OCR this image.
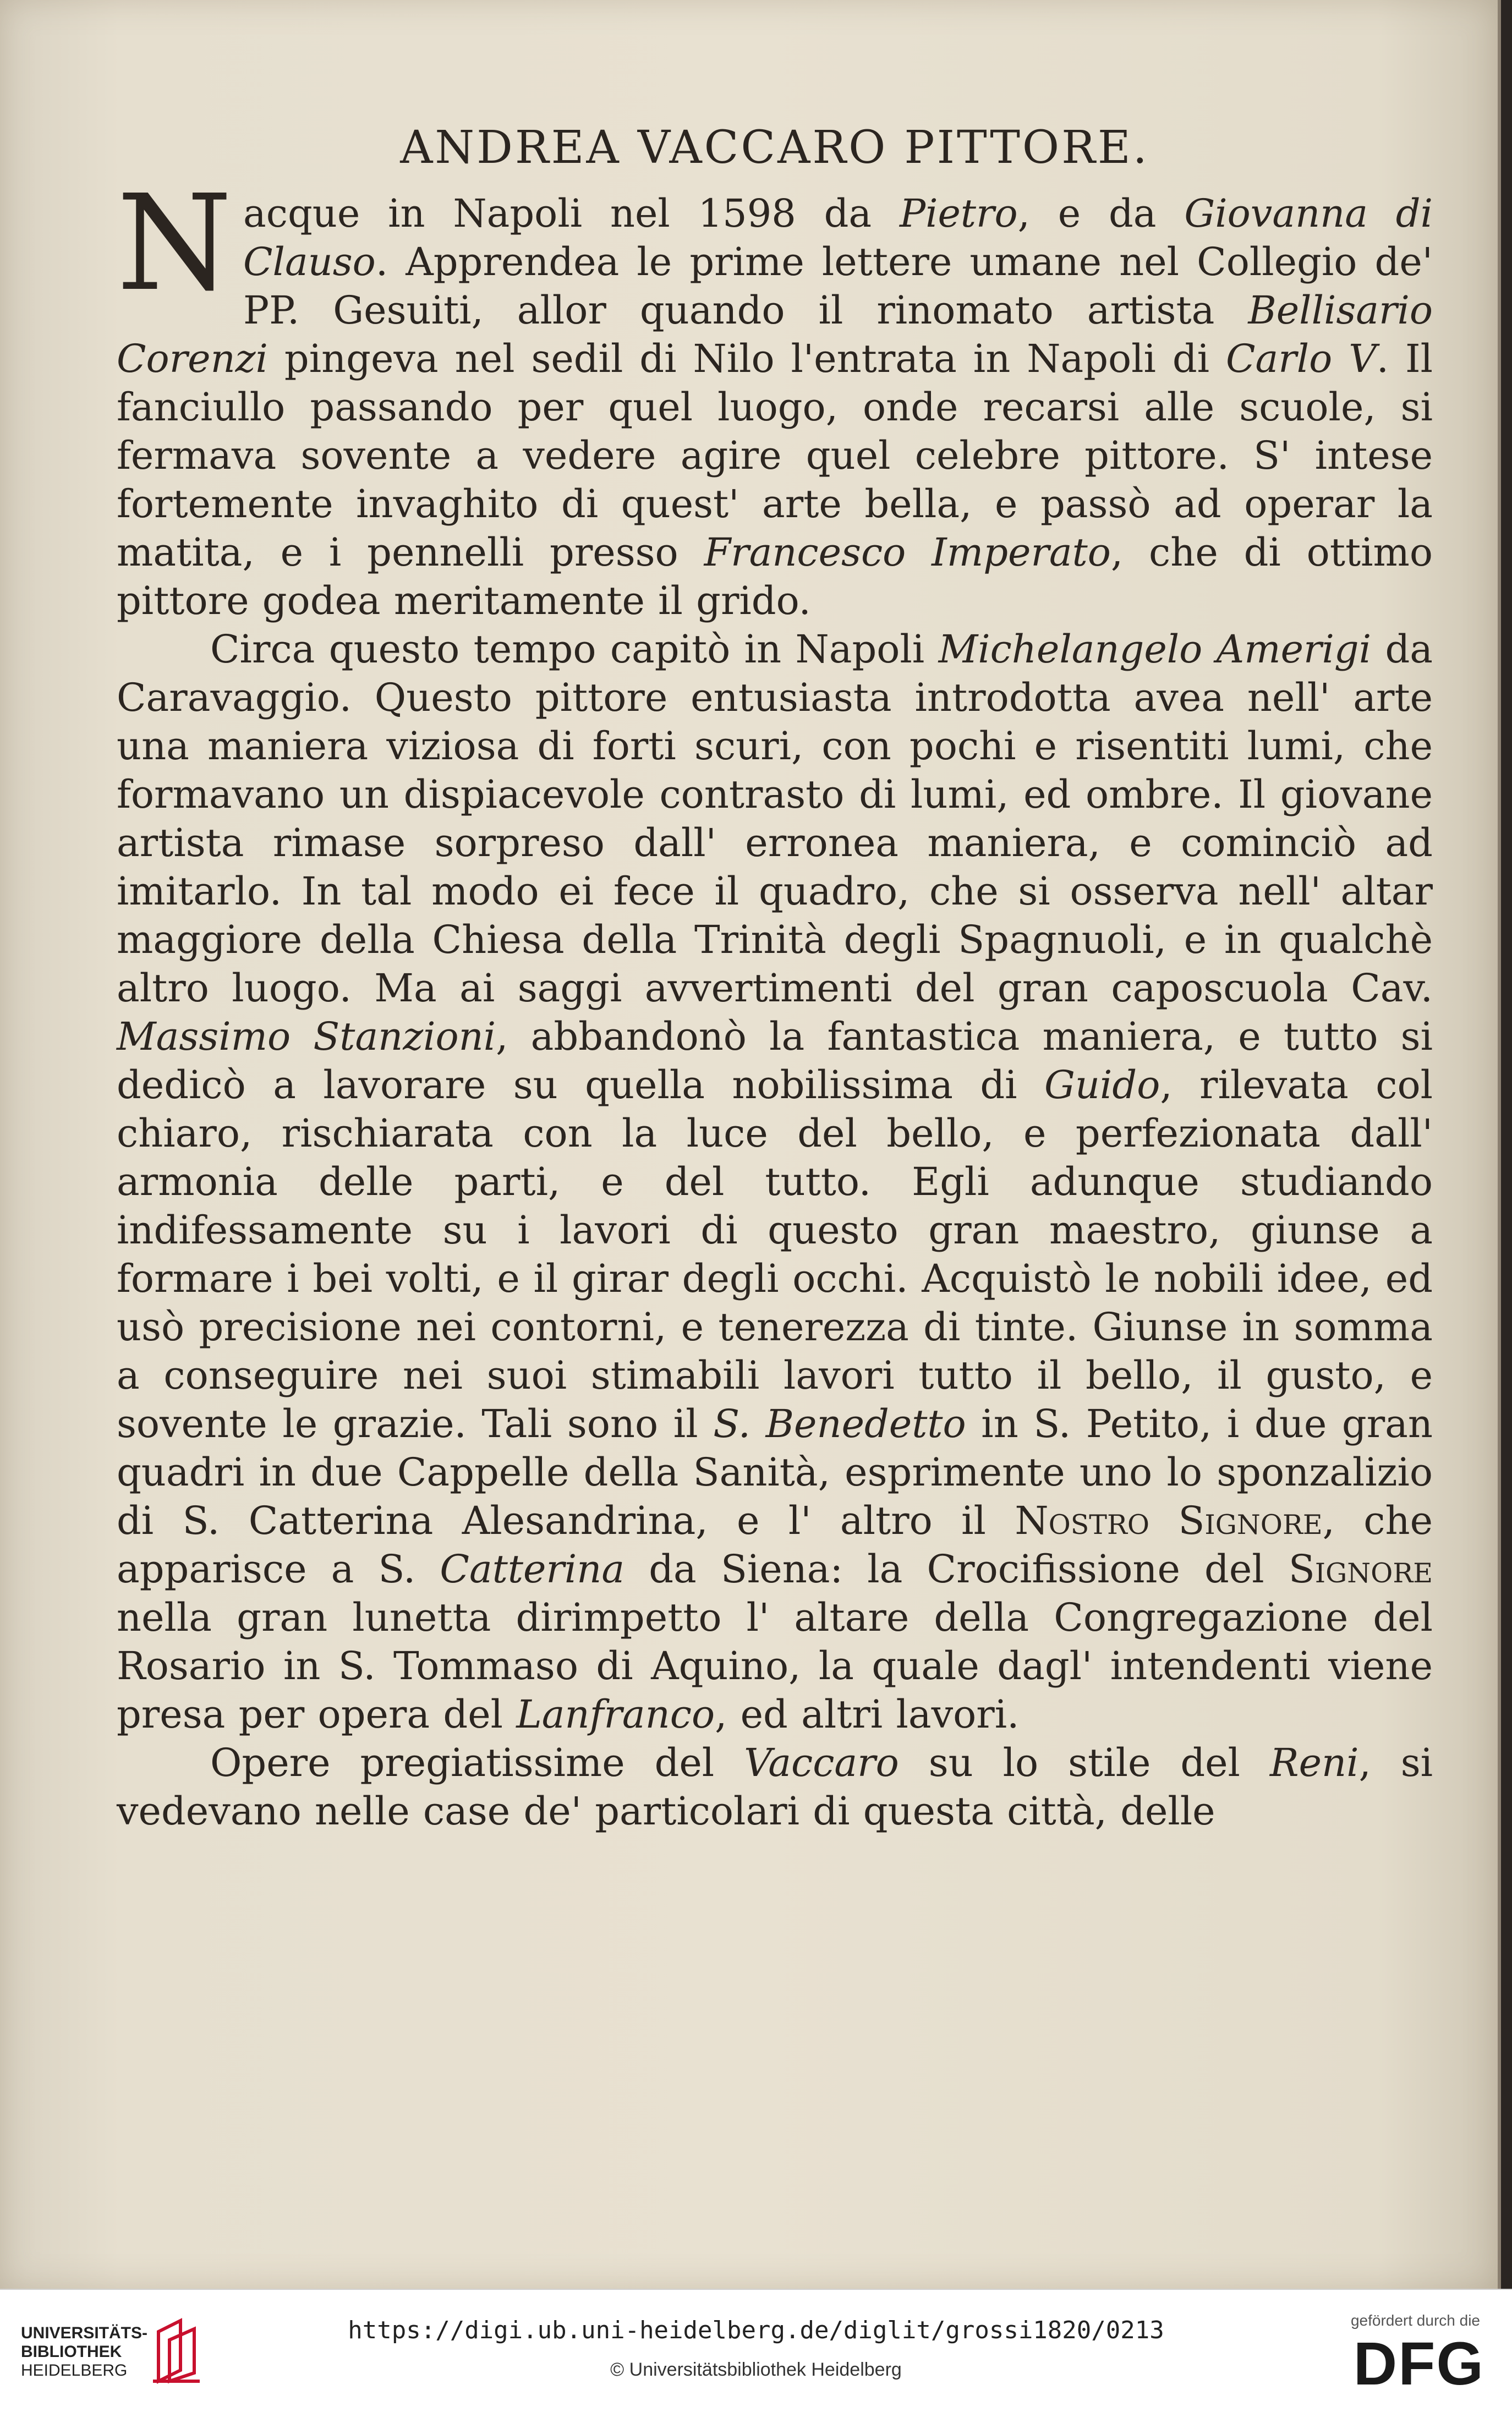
ANDREA VACCARO PITTORE.

N acque in Napoli nel 1598 da Pietro, e da Giovanna di Clauso. Apprendea le prime lettere umane nel Collegio de' PP. Gesuiti, allor quando il rinomato artista Bellisario Corenzi pingeva nel sedil di Nilo l'entrata in Napoli di Carlo V. Il fanciullo passando per quel luogo, onde recarsi alle scuole, si fermava sovente a vedere agire quel celebre pittore. S' intese fortemente invaghito di quest' arte bella, e passò ad operar la matita, e i pennelli presso Francesco Imperato, che di ottimo pittore godea meritamente il grido.

Circa questo tempo capitò in Napoli Michelangelo Amerigi da Caravaggio. Questo pittore entusiasta introdotta avea nell' arte una maniera viziosa di forti scuri, con pochi e risentiti lumi, che formavano un dispiacevole contrasto di lumi, ed ombre. Il giovane artista rimase sorpreso dall' erronea maniera, e cominciò ad imitarlo. In tal modo ei fece il quadro, che si osserva nell' altar maggiore della Chiesa della Trinità degli Spagnuoli, e in qualchè altro luogo. Ma ai saggi avvertimenti del gran caposcuola Cav. Massimo Stanzioni, abbandonò la fantastica maniera, e tutto si dedicò a lavorare su quella nobilissima di Guido, rilevata col chiaro, rischiarata con la luce del bello, e perfezionata dall' armonia delle parti, e del tutto. Egli adunque studiando indifessamente su i lavori di questo gran maestro, giunse a formare i bei volti, e il girar degli occhi. Acquistò le nobili idee, ed usò precisione nei contorni, e tenerezza di tinte. Giunse in somma a conseguire nei suoi stimabili lavori tutto il bello, il gusto, e sovente le grazie. Tali sono il S. Benedetto in S. Petito, i due gran quadri in due Cappelle della Sanità, esprimente uno lo sponzalizio di S. Catterina Alesandrina, e l' altro il Nostro Signore, che apparisce a S. Catterina da Siena: la Crocifissione del Signore nella gran lunetta dirimpetto l' altare della Congregazione del Rosario in S. Tommaso di Aquino, la quale dagl' intendenti viene presa per opera del Lanfranco, ed altri lavori.

Opere pregiatissime del Vaccaro su lo stile del Reni, si vedevano nelle case de' particolari di questa città, delle

UNIVERSITÄTS-
BIBLIOTHEK
HEIDELBERG
https://digi.ub.uni-heidelberg.de/diglit/grossi1820/0213
© Universitätsbibliothek Heidelberg
gefördert durch die
DFG
